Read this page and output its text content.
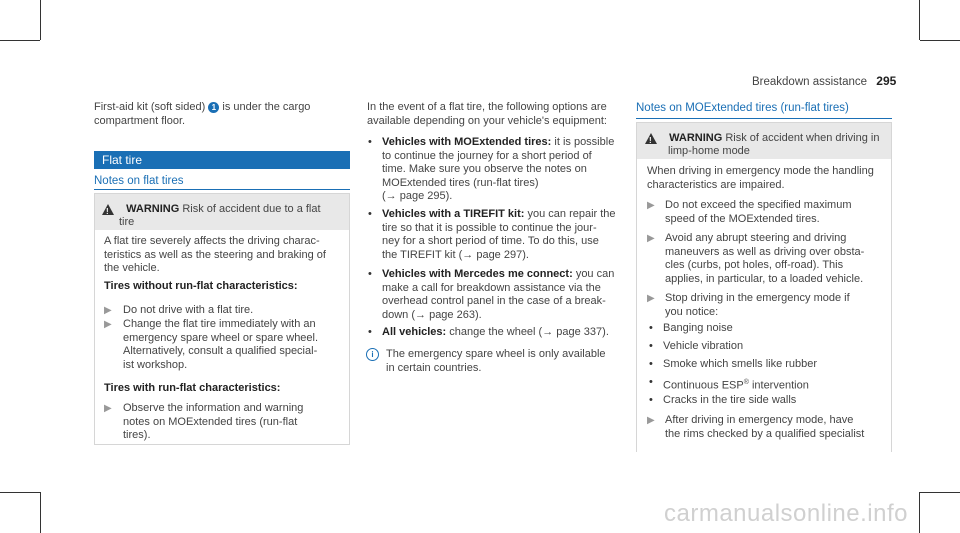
Breakdown assistance 295

First-aid kit (soft sided) 1 is under the cargo

compartment floor.

Flat tire
Notes on flat tires
!  WARNING Risk of accident due to a flat
tire

A flat tire severely affects the driving charac-

teristics as well as the steering and braking of

the vehicle.

Tires without run-flat characteristics:
▶	Do not drive with a flat tire.
▶	Change the flat tire immediately with an

emergency spare wheel or spare wheel.

Alternatively, consult a qualified special-

ist workshop.

Tires with run-flat characteristics:
▶	Observe the information and warning

notes on MOExtended tires (run-flat

tires).

In the event of a flat tire, the following options are

available depending on your vehicle's equipment:

• Vehicles with MOExtended tires: it is possible

to continue the journey for a short period of

time. Make sure you observe the notes on

MOExtended tires (run-flat tires)

(→ page 295).

• Vehicles with a TIREFIT kit: you can repair the

tire so that it is possible to continue the jour-

ney for a short period of time. To do this, use

the TIREFIT kit (→ page 297).

• Vehicles with Mercedes me connect: you can

make a call for breakdown assistance via the

overhead control panel in the case of a break-

down (→ page 263).

• All vehicles: change the wheel (→ page 337).

i	The emergency spare wheel is only available

in certain countries.

Notes on MOExtended tires (run-flat tires)
!  WARNING Risk of accident when driving in
limp-home mode

When driving in emergency mode the handling

characteristics are impaired.

▶ Do not exceed the specified maximum

speed of the MOExtended tires.

▶ Avoid any abrupt steering and driving

maneuvers as well as driving over obsta-

cles (curbs, pot holes, off-road). This

applies, in particular, to a loaded vehicle.

▶ Stop driving in the emergency mode if

you notice:

• Banging noise
• Vehicle vibration
• Smoke which smells like rubber
• Continuous ESP® intervention
• Cracks in the tire side walls
▶ After driving in emergency mode, have

the rims checked by a qualified specialist

carmanualsonline.info
